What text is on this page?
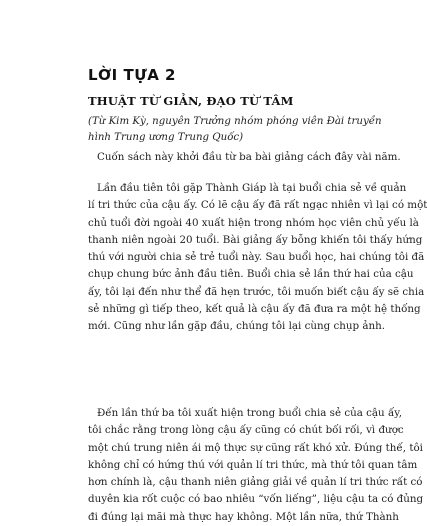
LỜI TỰA 2
THUẬT TỪ GIẢN, ĐẠO TỪ TÂM

(Từ Kim Kỳ, nguyên Trưởng nhóm phóng viên Đài truyền
hình Trung ương Trung Quốc)

Cuốn sách này khởi đầu từ ba bài giảng cách đây vài năm.

Lần đầu tiên tôi gặp Thành Giáp là tại buổi chia sẻ về quản
lí tri thức của cậu ấy. Có lẽ cậu ấy đã rất ngạc nhiên vì lại có một
chủ tuổi đời ngoài 40 xuất hiện trong nhóm học viên chủ yếu là
thanh niên ngoài 20 tuổi. Bài giảng ấy bỗng khiến tôi thấy hứng
thú với người chia sẻ trẻ tuổi này. Sau buổi học, hai chúng tôi đã
chụp chung bức ảnh đầu tiên. Buổi chia sẻ lần thứ hai của cậu
ấy, tôi lại đến như thể đã hẹn trước, tôi muốn biết cậu ấy sẽ chia
sẻ những gì tiếp theo, kết quả là cậu ấy đã đưa ra một hệ thống
mới. Cũng như lần gặp đầu, chúng tôi lại cùng chụp ảnh.

Đến lần thứ ba tôi xuất hiện trong buổi chia sẻ của cậu ấy,
tôi chắc rằng trong lòng cậu ấy cũng có chút bối rối, vì được
một chú trung niên ái mộ thực sự cũng rất khó xử. Đúng thế, tôi
không chỉ có hứng thú với quản lí tri thức, mà thứ tôi quan tâm
hơn chính là, cậu thanh niên giảng giải về quản lí tri thức rất có
duyên kia rốt cuộc có bao nhiêu “vốn liếng”, liệu cậu ta có đủng
đi đúng lại mãi mà thực hay không. Một lần nữa, thứ Thành
